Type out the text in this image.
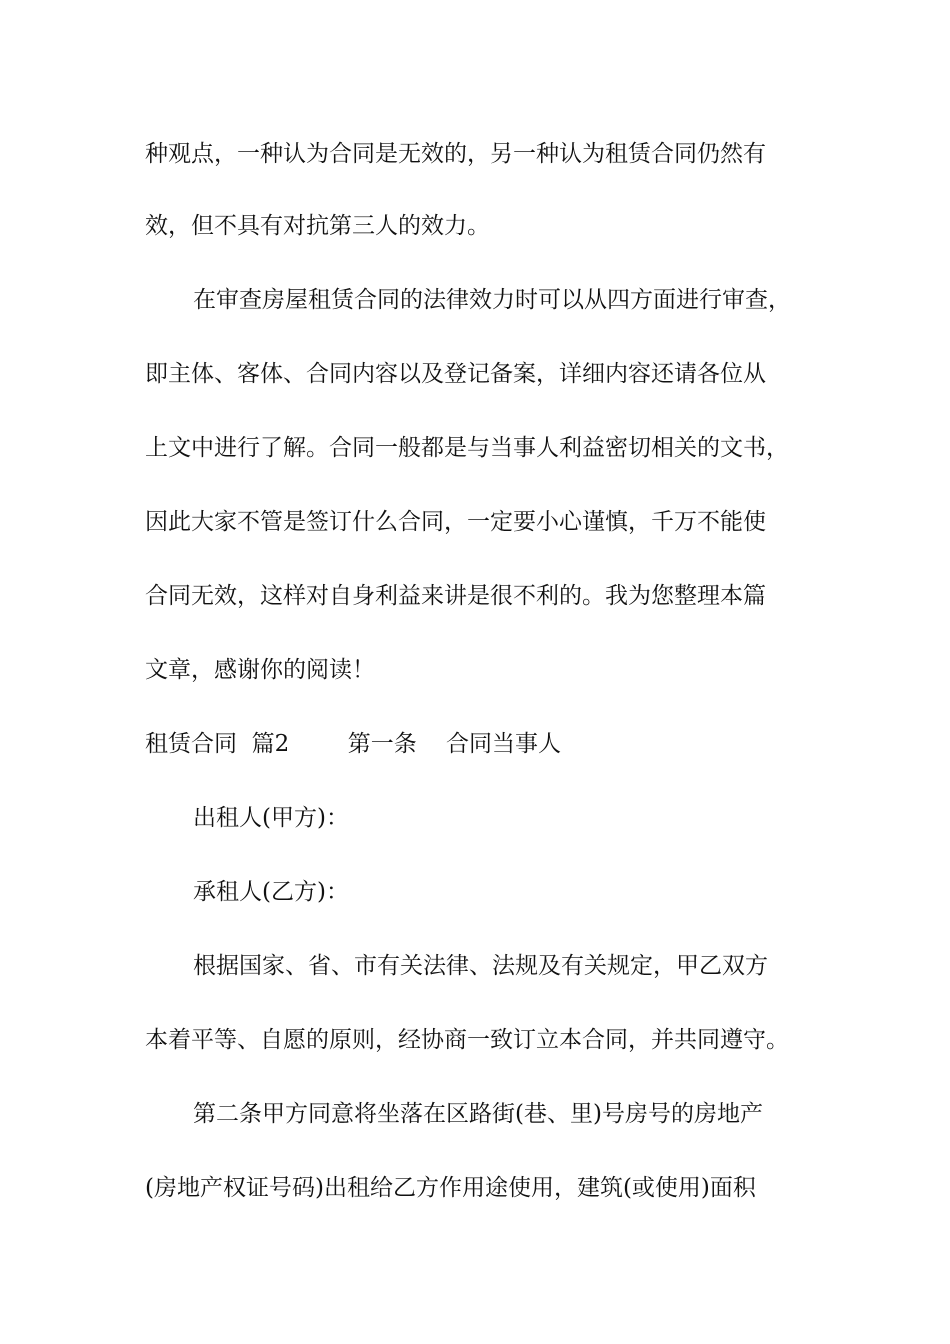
种观点，一种认为合同是无效的，另一种认为租赁合同仍然有
效，但不具有对抗第三人的效力。
在审查房屋租赁合同的法律效力时可以从四方面进行审查，
即主体、客体、合同内容以及登记备案，详细内容还请各位从
上文中进行了解。合同一般都是与当事人利益密切相关的文书，
因此大家不管是签订什么合同，一定要小心谨慎，千万不能使
合同无效，这样对自身利益来讲是很不利的。我为您整理本篇
文章，感谢你的阅读！
租赁合同  篇2        第一条    合同当事人
出租人(甲方)：
承租人(乙方)：
根据国家、省、市有关法律、法规及有关规定，甲乙双方
本着平等、自愿的原则，经协商一致订立本合同，并共同遵守。
第二条甲方同意将坐落在区路街(巷、里)号房号的房地产
(房地产权证号码)出租给乙方作用途使用，建筑(或使用)面积
